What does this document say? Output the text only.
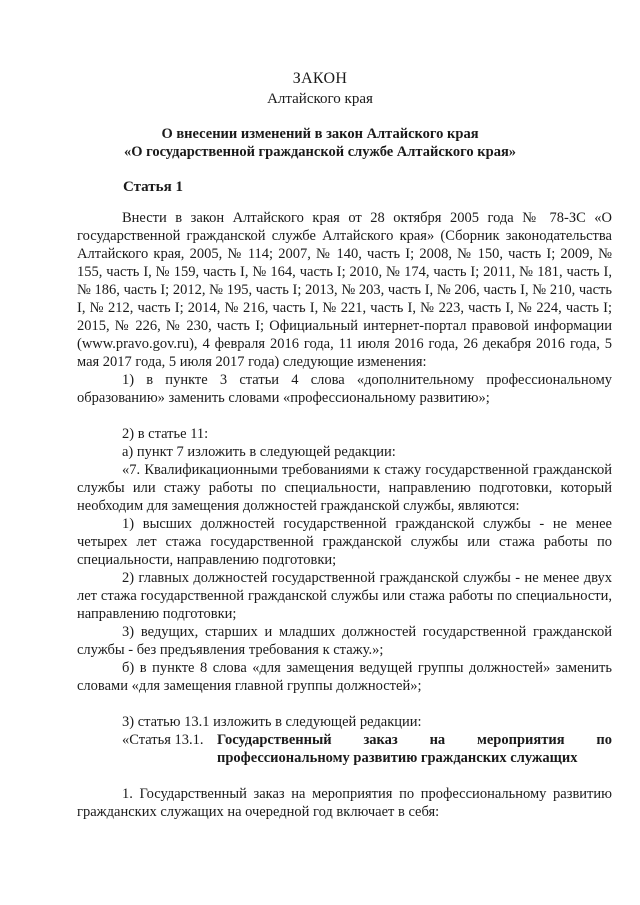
ЗАКОН
Алтайского края
О внесении изменений в закон Алтайского края
«О государственной гражданской службе Алтайского края»
Статья 1

Внести в закон Алтайского края от 28 октября 2005 года № 78-ЗС «О государственной гражданской службе Алтайского края» (Сборник законодательства Алтайского края, 2005, № 114; 2007, № 140, часть I; 2008, № 150, часть I; 2009, № 155, часть I, № 159, часть I, № 164, часть I; 2010, № 174, часть I; 2011, № 181, часть I, № 186, часть I; 2012, № 195, часть I; 2013, № 203, часть I, № 206, часть I, № 210, часть I, № 212, часть I; 2014, № 216, часть I, № 221, часть I, № 223, часть I, № 224, часть I; 2015, № 226, № 230, часть I; Официальный интернет-портал правовой информации (www.pravo.gov.ru), 4 февраля 2016 года, 11 июля 2016 года, 26 декабря 2016 года, 5 мая 2017 года, 5 июля 2017 года) следующие изменения:

1) в пункте 3 статьи 4 слова «дополнительному профессиональному образованию» заменить словами «профессиональному развитию»;

2) в статье 11:

а) пункт 7 изложить в следующей редакции:

«7. Квалификационными требованиями к стажу государственной гражданской службы или стажу работы по специальности, направлению подготовки, который необходим для замещения должностей гражданской службы, являются:

1) высших должностей государственной гражданской службы - не менее четырех лет стажа государственной гражданской службы или стажа работы по специальности, направлению подготовки;

2) главных должностей государственной гражданской службы - не менее двух лет стажа государственной гражданской службы или стажа работы по специальности, направлению подготовки;

3) ведущих, старших и младших должностей государственной гражданской службы - без предъявления требования к стажу.»;

б) в пункте 8 слова «для замещения ведущей группы должностей» заменить словами «для замещения главной группы должностей»;

3) статью 13.1 изложить в следующей редакции:

«Статья 13.1. Государственный заказ на мероприятия по профессиональному развитию гражданских служащих

1. Государственный заказ на мероприятия по профессиональному развитию гражданских служащих на очередной год включает в себя:
